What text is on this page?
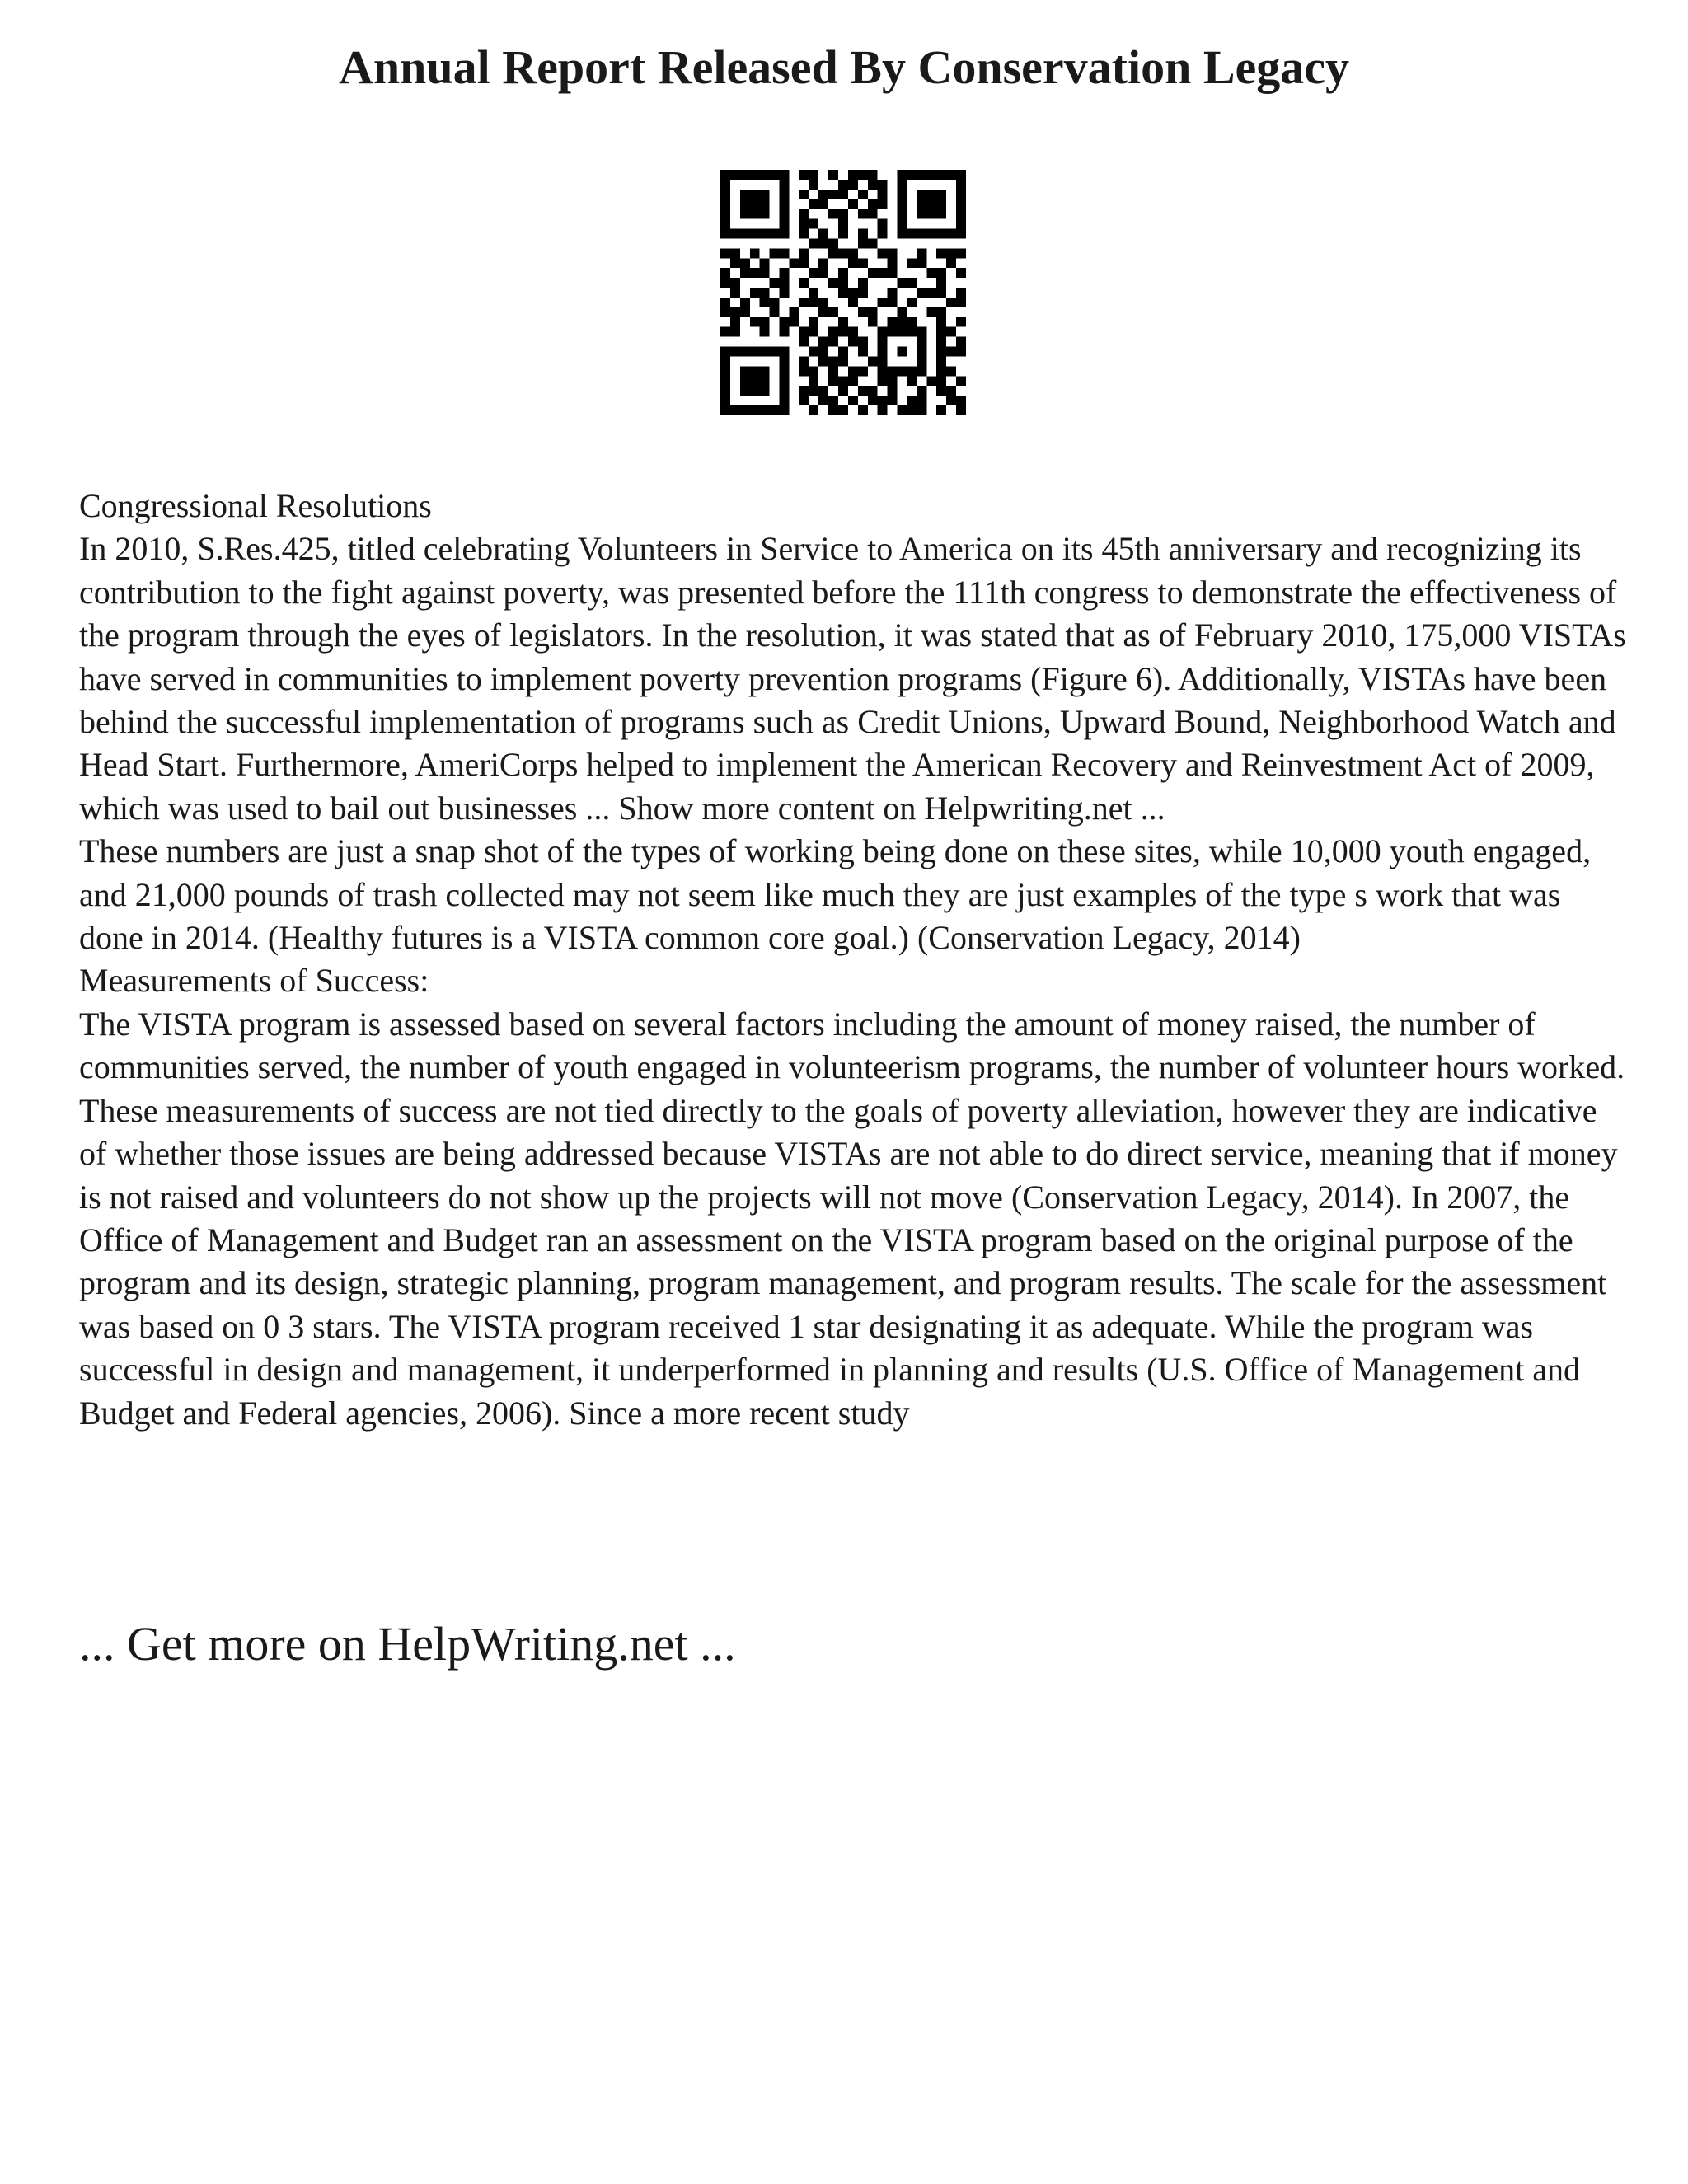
Annual Report Released By Conservation Legacy

Congressional Resolutions

In 2010, S.Res.425, titled celebrating Volunteers in Service to America on its 45th anniversary and recognizing its contribution to the fight against poverty, was presented before the 111th congress to demonstrate the effectiveness of the program through the eyes of legislators. In the resolution, it was stated that as of February 2010, 175,000 VISTAs have served in communities to implement poverty prevention programs (Figure 6). Additionally, VISTAs have been behind the successful implementation of programs such as Credit Unions, Upward Bound, Neighborhood Watch and Head Start. Furthermore, AmeriCorps helped to implement the American Recovery and Reinvestment Act of 2009, which was used to bail out businesses ... Show more content on Helpwriting.net ...

These numbers are just a snap shot of the types of working being done on these sites, while 10,000 youth engaged, and 21,000 pounds of trash collected may not seem like much they are just examples of the type s work that was done in 2014. (Healthy futures is a VISTA common core goal.) (Conservation Legacy, 2014)

Measurements of Success:

The VISTA program is assessed based on several factors including the amount of money raised, the number of communities served, the number of youth engaged in volunteerism programs, the number of volunteer hours worked. These measurements of success are not tied directly to the goals of poverty alleviation, however they are indicative of whether those issues are being addressed because VISTAs are not able to do direct service, meaning that if money is not raised and volunteers do not show up the projects will not move (Conservation Legacy, 2014). In 2007, the Office of Management and Budget ran an assessment on the VISTA program based on the original purpose of the program and its design, strategic planning, program management, and program results. The scale for the assessment was based on 0 3 stars. The VISTA program received 1 star designating it as adequate. While the program was successful in design and management, it underperformed in planning and results (U.S. Office of Management and Budget and Federal agencies, 2006). Since a more recent study

... Get more on HelpWriting.net ...
